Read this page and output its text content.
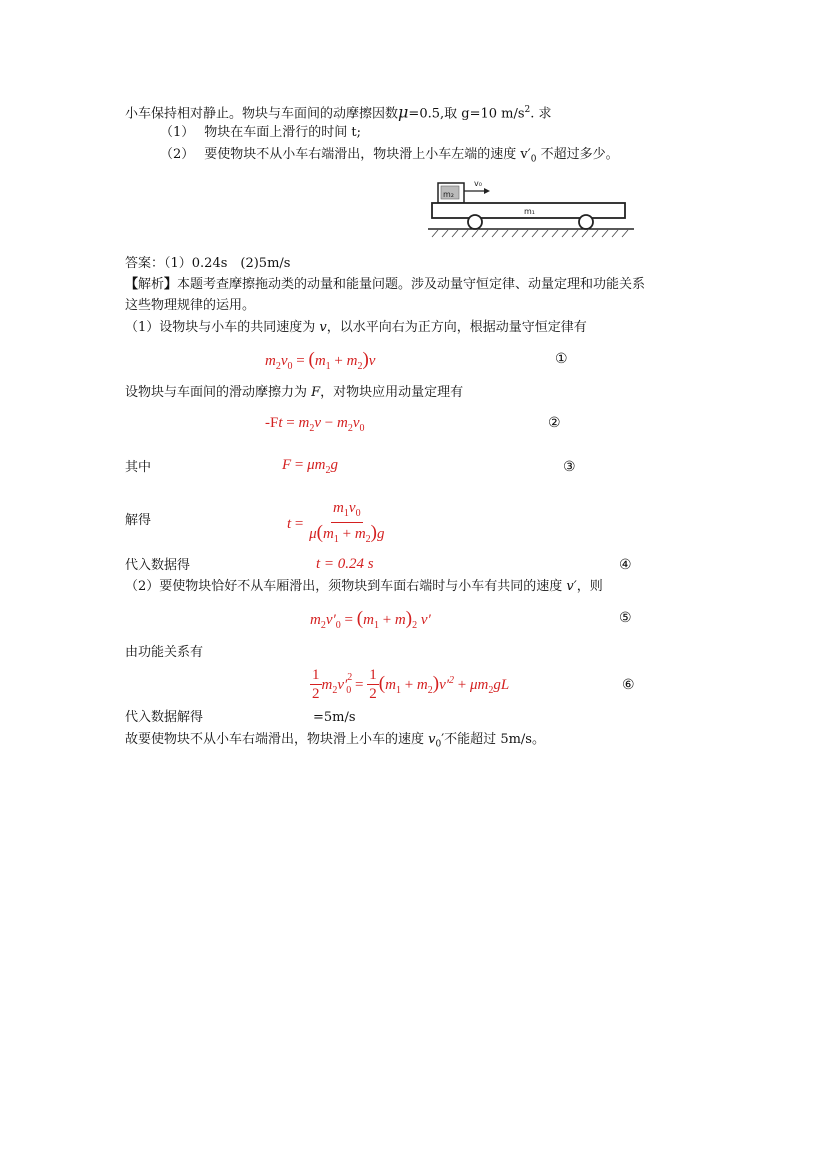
小车保持相对静止。物块与车面间的动摩擦因数μ=0.5,取 g=10 $m/s^2$. 求
（1） 物块在车面上滑行的时间 t;
（2） 要使物块不从小车右端滑出，物块滑上小车左端的速度 $v'_0$ 不超过多少。
m₂
v₀
m₁
答案：（1）0.24s　(2)5m/s
【解析】本题考查摩擦拖动类的动量和能量问题。涉及动量守恒定律、动量定理和功能关系
这些物理规律的运用。
（1）设物块与小车的共同速度为 v，以水平向右为正方向，根据动量守恒定律有
$m_2v_0 = (m_1 + m_2)v$	①
设物块与车面间的滑动摩擦力为 F，对物块应用动量定理有
$-Ft = m_2v - m_2v_0$	②
其中	$F = \mu m_2g$	③
解得	$t = \frac{m_1v_0}{\mu(m_1 + m_2)g}$
代入数据得	t = 0.24 s	④
（2）要使物块恰好不从车厢滑出，须物块到车面右端时与小车有共同的速度 v′，则
$m_2v'_0 = (m_1 + m)_2$ v′	⑤
由功能关系有
$\frac{1}{2} m_2v'_{20} = \frac{1}{2} (m_1 + m_2)v'^2 + \mu m_2gL$	⑥
代入数据解得	=5m/s
故要使物块不从小车右端滑出，物块滑上小车的速度 $v_0'$不能超过 5m/s。
